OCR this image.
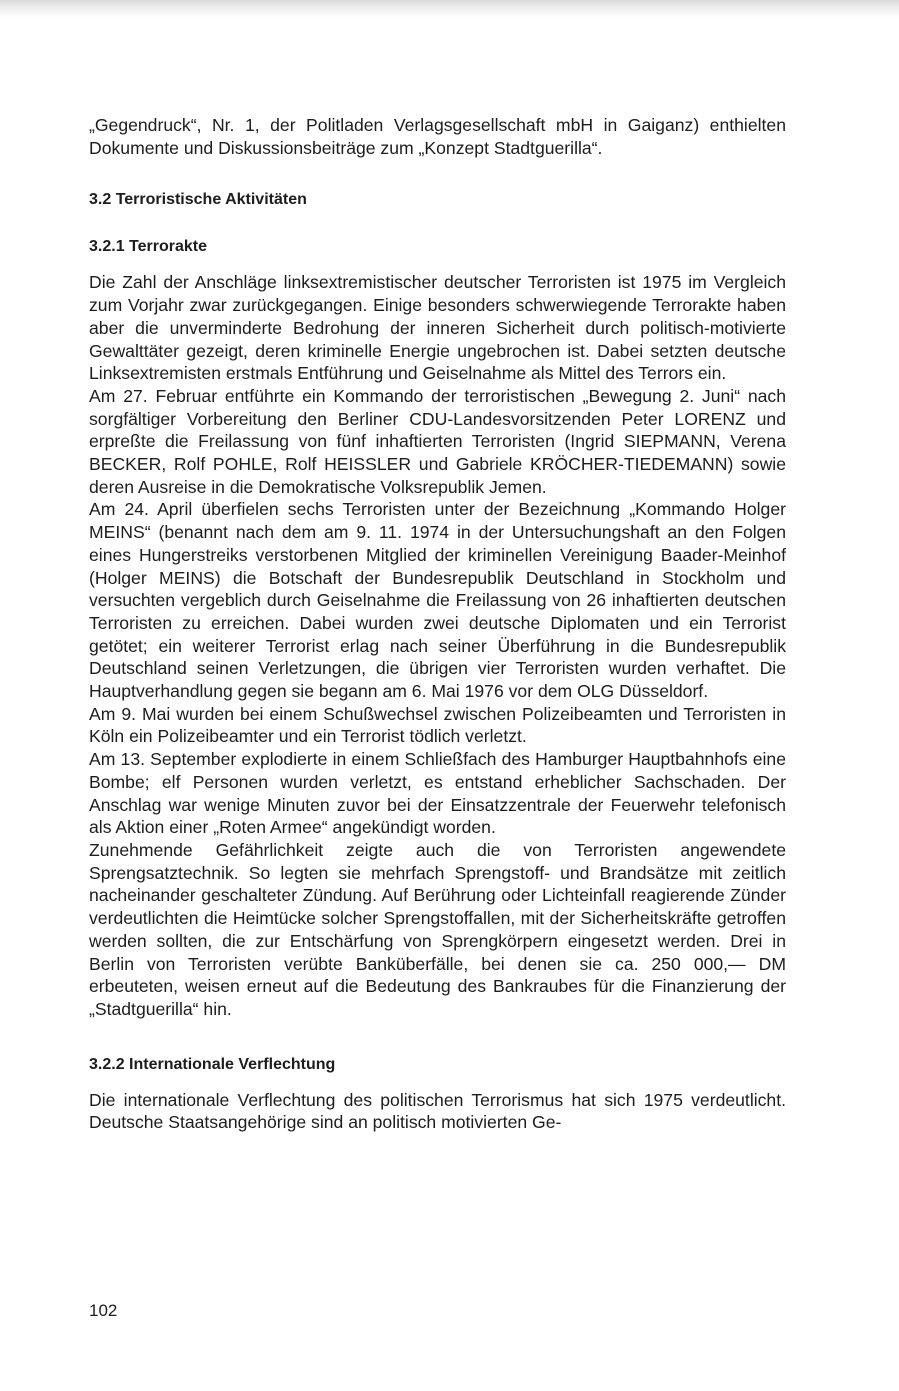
„Gegendruck“, Nr. 1, der Politladen Verlagsgesellschaft mbH in Gaiganz) enthielten Dokumente und Diskussionsbeiträge zum „Konzept Stadtguerilla“.

3.2 Terroristische Aktivitäten
3.2.1 Terrorakte

Die Zahl der Anschläge linksextremistischer deutscher Terroristen ist 1975 im Vergleich zum Vorjahr zwar zurückgegangen. Einige besonders schwerwiegende Terrorakte haben aber die unverminderte Bedrohung der inneren Sicherheit durch politisch-motivierte Gewalttäter gezeigt, deren kriminelle Energie ungebrochen ist. Dabei setzten deutsche Linksextremisten erstmals Entführung und Geiselnahme als Mittel des Terrors ein.

Am 27. Februar entführte ein Kommando der terroristischen „Bewegung 2. Juni“ nach sorgfältiger Vorbereitung den Berliner CDU-Landesvorsitzenden Peter LORENZ und erpreßte die Freilassung von fünf inhaftierten Terroristen (Ingrid SIEPMANN, Verena BECKER, Rolf POHLE, Rolf HEISSLER und Gabriele KRÖCHER-TIEDEMANN) sowie deren Ausreise in die Demokratische Volksrepublik Jemen.

Am 24. April überfielen sechs Terroristen unter der Bezeichnung „Kommando Holger MEINS“ (benannt nach dem am 9. 11. 1974 in der Untersuchungshaft an den Folgen eines Hungerstreiks verstorbenen Mitglied der kriminellen Vereinigung Baader-Meinhof (Holger MEINS) die Botschaft der Bundesrepublik Deutschland in Stockholm und versuchten vergeblich durch Geiselnahme die Freilassung von 26 inhaftierten deutschen Terroristen zu erreichen. Dabei wurden zwei deutsche Diplomaten und ein Terrorist getötet; ein weiterer Terrorist erlag nach seiner Überführung in die Bundesrepublik Deutschland seinen Verletzungen, die übrigen vier Terroristen wurden verhaftet. Die Hauptverhandlung gegen sie begann am 6. Mai 1976 vor dem OLG Düsseldorf.

Am 9. Mai wurden bei einem Schußwechsel zwischen Polizeibeamten und Terroristen in Köln ein Polizeibeamter und ein Terrorist tödlich verletzt.

Am 13. September explodierte in einem Schließfach des Hamburger Hauptbahnhofs eine Bombe; elf Personen wurden verletzt, es entstand erheblicher Sachschaden. Der Anschlag war wenige Minuten zuvor bei der Einsatzzentrale der Feuerwehr telefonisch als Aktion einer „Roten Armee“ angekündigt worden.

Zunehmende Gefährlichkeit zeigte auch die von Terroristen angewendete Sprengsatztechnik. So legten sie mehrfach Sprengstoff- und Brandsätze mit zeitlich nacheinander geschalteter Zündung. Auf Berührung oder Lichteinfall reagierende Zünder verdeutlichten die Heimtücke solcher Sprengstoffallen, mit der Sicherheitskräfte getroffen werden sollten, die zur Entschärfung von Sprengkörpern eingesetzt werden. Drei in Berlin von Terroristen verübte Banküberfälle, bei denen sie ca. 250 000,— DM erbeuteten, weisen erneut auf die Bedeutung des Bankraubes für die Finanzierung der „Stadtguerilla“ hin.

3.2.2 Internationale Verflechtung

Die internationale Verflechtung des politischen Terrorismus hat sich 1975 verdeutlicht. Deutsche Staatsangehörige sind an politisch motivierten Ge-

102
